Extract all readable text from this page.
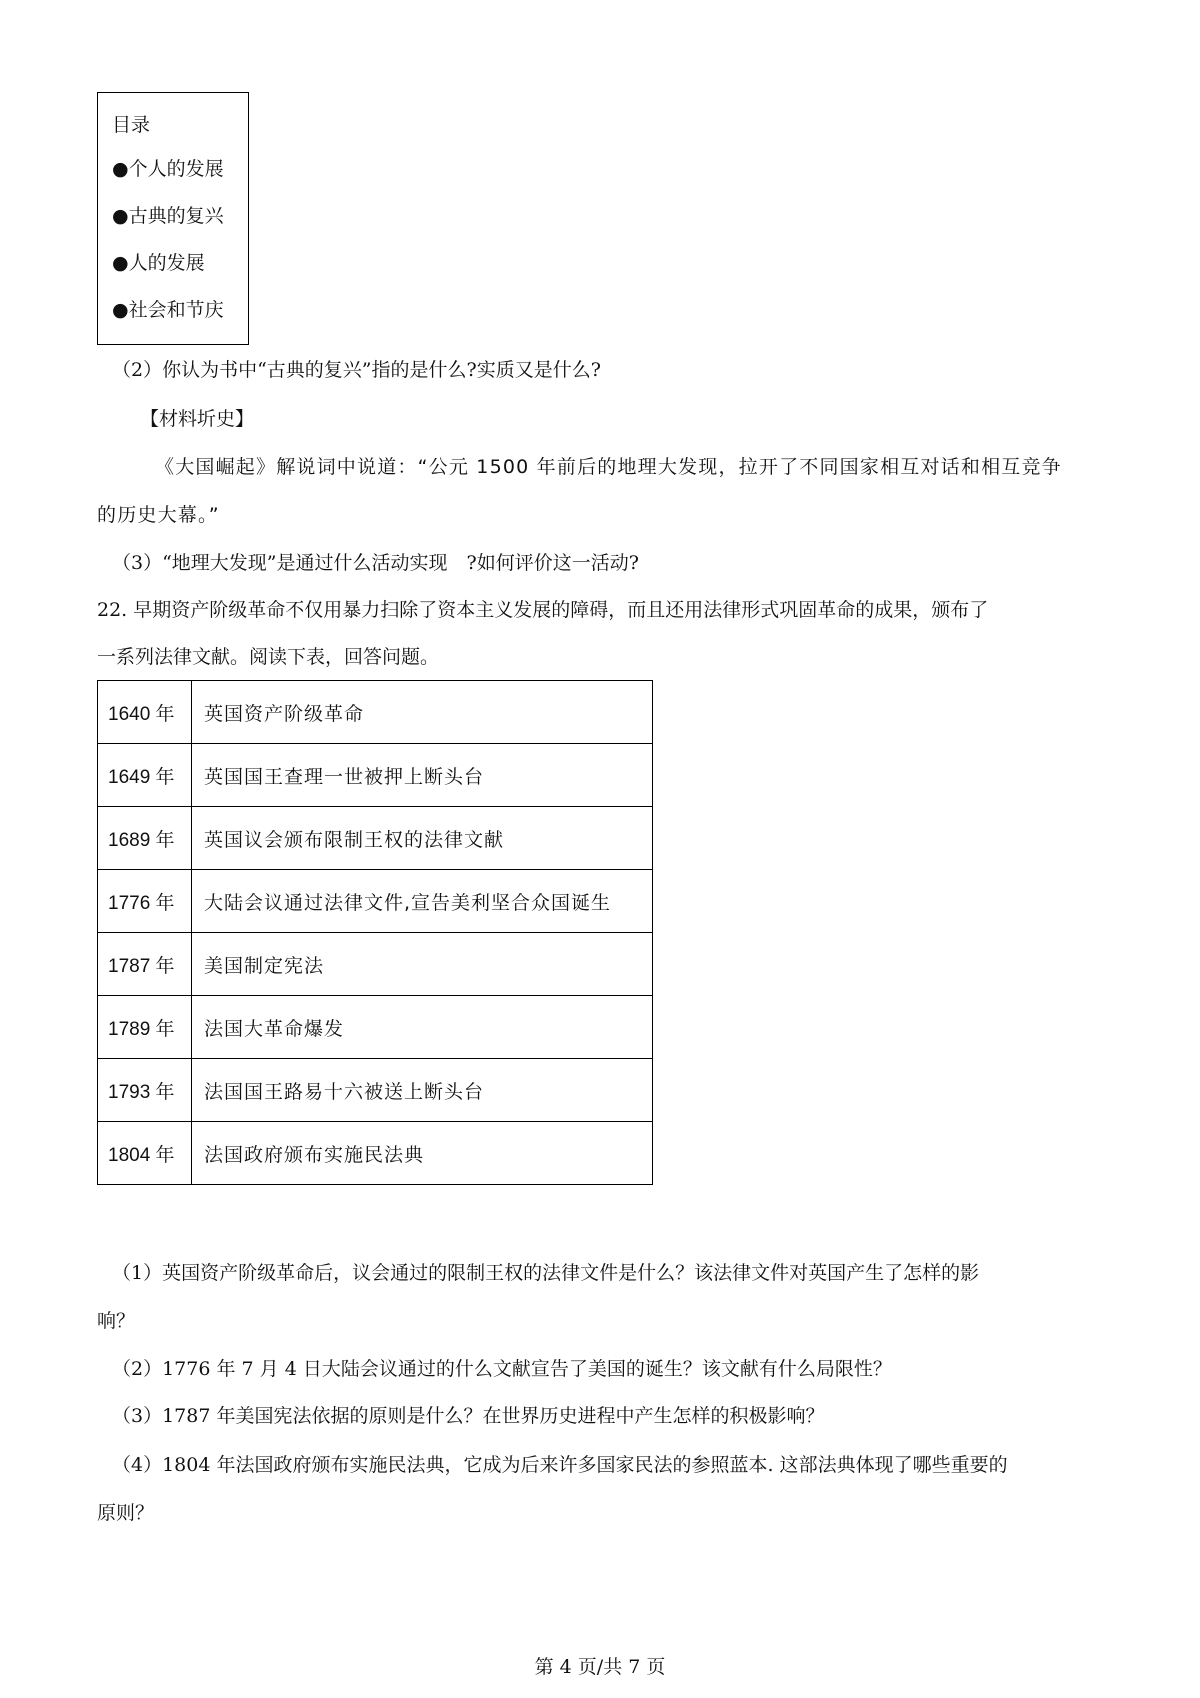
目录
●个人的发展
●古典的复兴
●人的发展
●社会和节庆
（2）你认为书中“古典的复兴”指的是什么?实质又是什么?
【材料圻史】
《大国崛起》解说词中说道：“公元 1500 年前后的地理大发现，拉开了不同国家相互对话和相互竞争
的历史大幕。”
（3）“地理大发现”是通过什么活动实现　?如何评价这一活动?
22. 早期资产阶级革命不仅用暴力扫除了资本主义发展的障碍，而且还用法律形式巩固革命的成果，颁布了
一系列法律文献。阅读下表，回答问题。
1640 年	英国资产阶级革命
1649 年	英国国王查理一世被押上断头台
1689 年	英国议会颁布限制王权的法律文献
1776 年	大陆会议通过法律文件,宣告美利坚合众国诞生
1787 年	美国制定宪法
1789 年	法国大革命爆发
1793 年	法国国王路易十六被送上断头台
1804 年	法国政府颁布实施民法典
（1）英国资产阶级革命后，议会通过的限制王权的法律文件是什么？该法律文件对英国产生了怎样的影
响？
（2）1776 年 7 月 4 日大陆会议通过的什么文献宣告了美国的诞生？该文献有什么局限性？
（3）1787 年美国宪法依据的原则是什么？在世界历史进程中产生怎样的积极影响？
（4）1804 年法国政府颁布实施民法典，它成为后来许多国家民法的参照蓝本. 这部法典体现了哪些重要的
原则？
第 4 页/共 7 页
